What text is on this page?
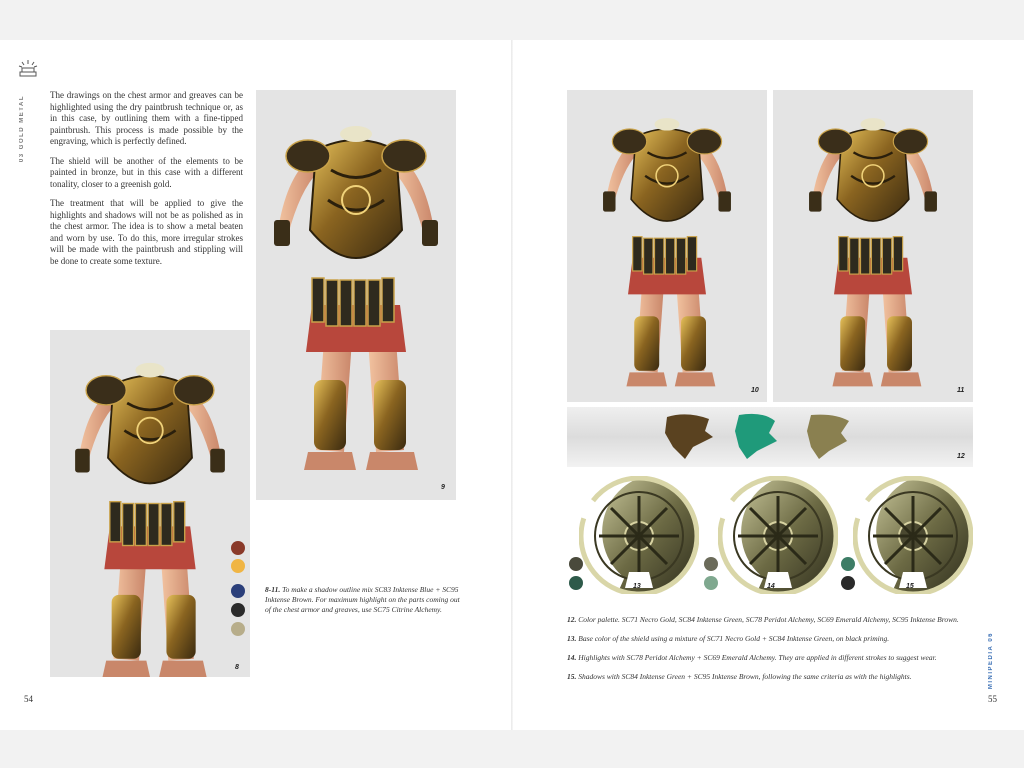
03 GOLD METAL	The drawings on the chest armor and greaves can be highlighted using the dry paintbrush technique or, as in this case, by outlining them with a fine-tipped paintbrush. This process is made possible by the engraving, which is perfectly defined.

The shield will be another of the elements to be painted in bronze, but in this case with a different tonality, closer to a greenish gold.

The treatment that will be applied to give the highlights and shadows will not be as polished as in the chest armor. The idea is to show a metal beaten and worn by use. To do this, more irregular strokes will be made with the paintbrush and stippling will be done to create some texture.

9
8
8-11. To make a shadow outline mix SC83 Inktense Blue + SC95 Inktense Brown. For maximum highlight on the parts coming out of the chest armor and greaves, use SC75 Citrine Alchemy.
54
10	11
12
13	14	15

12. Color palette. SC71 Necro Gold, SC84 Inktense Green, SC78 Peridot Alchemy, SC69 Emerald Alchemy, SC95 Inktense Brown.

13. Base color of the shield using a mixture of SC71 Necro Gold + SC84 Inktense Green, on black priming.

14. Highlights with SC78 Peridot Alchemy + SC69 Emerald Alchemy. They are applied in different strokes to suggest wear.

15. Shadows with SC84 Inktense Green + SC95 Inktense Brown, following the same criteria as with the highlights.	MINIPEDIA 06
55
